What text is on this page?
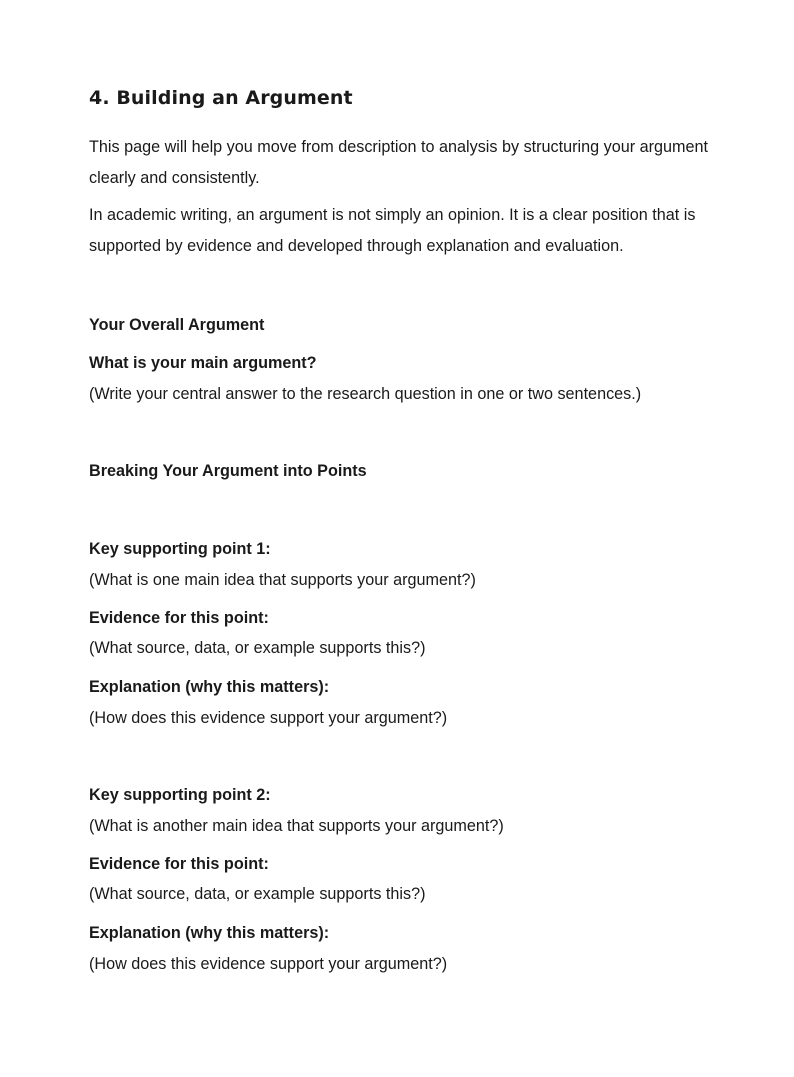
4. Building an Argument

This page will help you move from description to analysis by structuring your argument clearly and consistently.

In academic writing, an argument is not simply an opinion. It is a clear position that is supported by evidence and developed through explanation and evaluation.

Your Overall Argument

What is your main argument?

(Write your central answer to the research question in one or two sentences.)

Breaking Your Argument into Points

Key supporting point 1:

(What is one main idea that supports your argument?)

Evidence for this point:

(What source, data, or example supports this?)

Explanation (why this matters):

(How does this evidence support your argument?)

Key supporting point 2:

(What is another main idea that supports your argument?)

Evidence for this point:

(What source, data, or example supports this?)

Explanation (why this matters):

(How does this evidence support your argument?)
